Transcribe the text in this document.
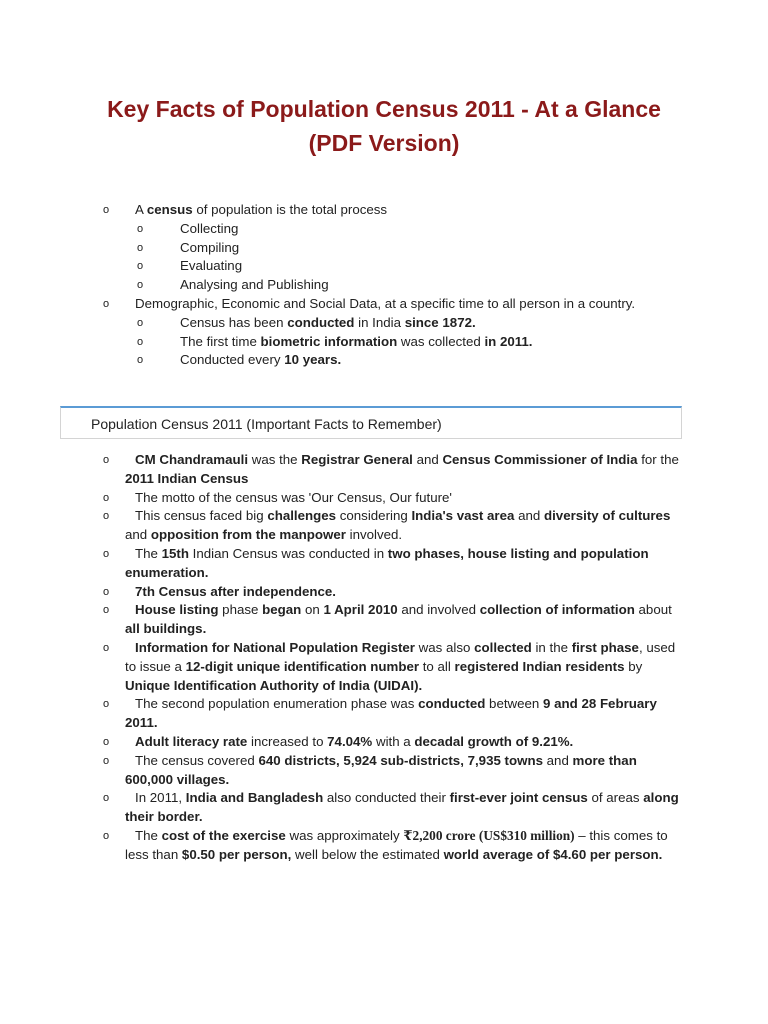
Key Facts of Population Census 2011 - At a Glance
(PDF Version)
o A census of population is the total process
o	Collecting
o	Compiling
o	Evaluating
o	Analysing and Publishing
o Demographic, Economic and Social Data, at a specific time to all person in a country.
o	Census has been conducted in India since 1872.
o	The first time biometric information was collected in 2011.
o	Conducted every 10 years.
Population Census 2011 (Important Facts to Remember)
o CM Chandramauli was the Registrar General and Census Commissioner of India for the 2011 Indian Census
o The motto of the census was 'Our Census, Our future'
o This census faced big challenges considering India's vast area and diversity of cultures and opposition from the manpower involved.
o The 15th Indian Census was conducted in two phases, house listing and population enumeration.
o 7th Census after independence.
o House listing phase began on 1 April 2010 and involved collection of information about all buildings.
o Information for National Population Register was also collected in the first phase, used to issue a 12-digit unique identification number to all registered Indian residents by Unique Identification Authority of India (UIDAI).
o The second population enumeration phase was conducted between 9 and 28 February 2011.
o Adult literacy rate increased to 74.04% with a decadal growth of 9.21%.
o The census covered 640 districts, 5,924 sub-districts, 7,935 towns and more than 600,000 villages.
o In 2011, India and Bangladesh also conducted their first-ever joint census of areas along their border.
o The cost of the exercise was approximately ₹2,200 crore (US$310 million) – this comes to less than $0.50 per person, well below the estimated world average of $4.60 per person.
